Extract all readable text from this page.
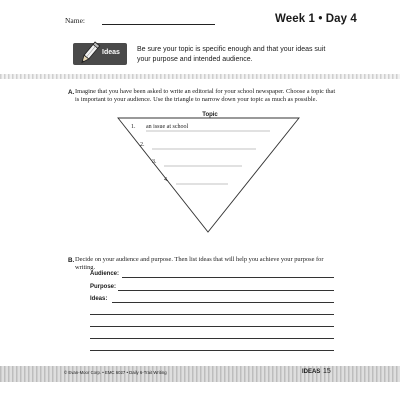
Name:	Week 1 • Day 4
Ideas Be sure your topic is specific enough and that your ideas suit your purpose and intended audience.
A. Imagine that you have been asked to write an editorial for your school newspaper. Choose a topic that is important to your audience. Use the triangle to narrow down your topic as much as possible.
Topic
1. an issue at school
2.
3.
4.
B. Decide on your audience and purpose. Then list ideas that will help you achieve your purpose for writing.
Audience:
Purpose:
Ideas:
© Evan-Moor Corp. • EMC 6027 • Daily 6-Trait Writing	IDEAS 15
